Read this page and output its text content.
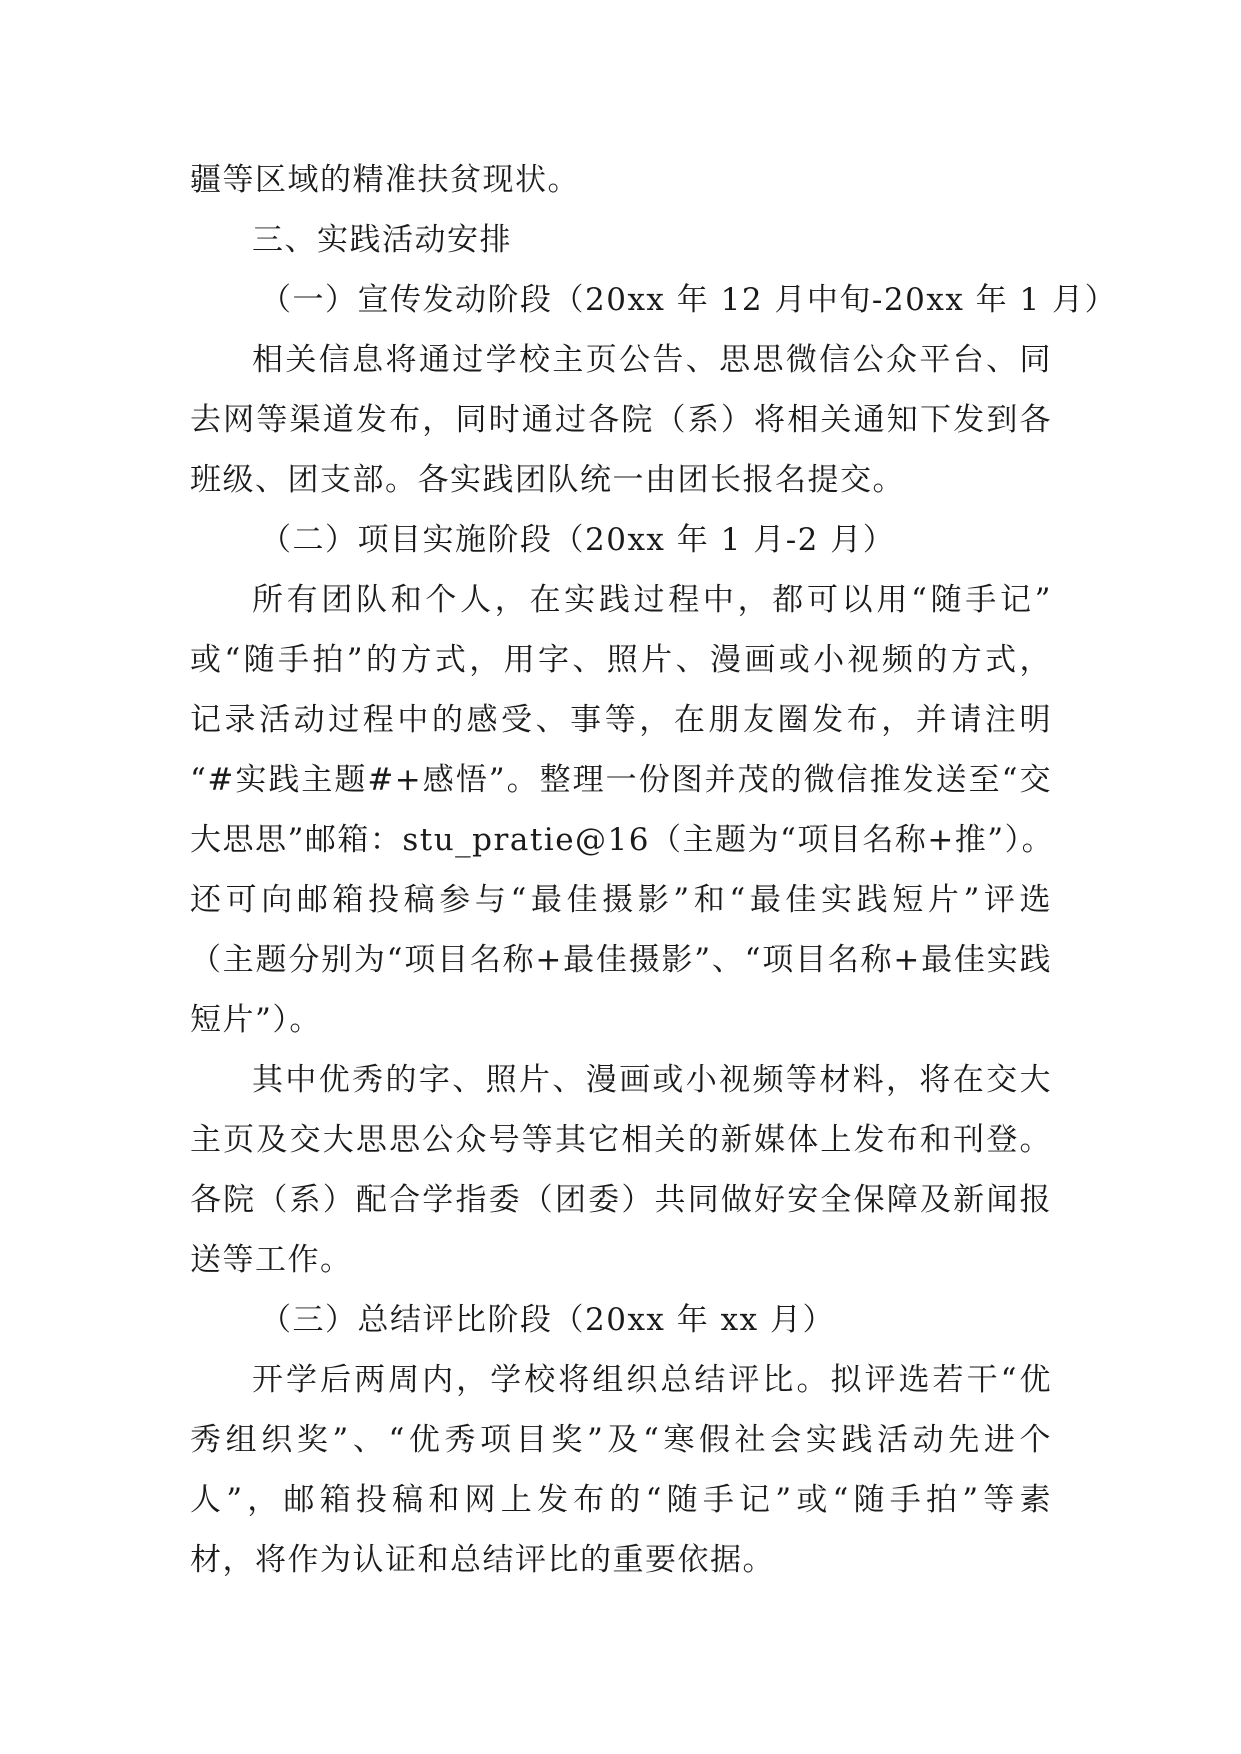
疆等区域的精准扶贫现状。
三、实践活动安排
（一）宣传发动阶段（20xx 年 12 月中旬-20xx 年 1 月）
相关信息将通过学校主页公告、思思微信公众平台、同
去网等渠道发布，同时通过各院（系）将相关通知下发到各
班级、团支部。各实践团队统一由团长报名提交。
（二）项目实施阶段（20xx 年 1 月-2 月）
所有团队和个人，在实践过程中，都可以用“随手记”
或“随手拍”的方式，用字、照片、漫画或小视频的方式，
记录活动过程中的感受、事等，在朋友圈发布，并请注明
“#实践主题#+感悟”。整理一份图并茂的微信推发送至“交
大思思”邮箱：stu_pratie@16（主题为“项目名称+推”）。
还可向邮箱投稿参与“最佳摄影”和“最佳实践短片”评选
（主题分别为“项目名称+最佳摄影”、“项目名称+最佳实践
短片”）。
其中优秀的字、照片、漫画或小视频等材料，将在交大
主页及交大思思公众号等其它相关的新媒体上发布和刊登。
各院（系）配合学指委（团委）共同做好安全保障及新闻报
送等工作。
（三）总结评比阶段（20xx 年 xx 月）
开学后两周内，学校将组织总结评比。拟评选若干“优
秀组织奖”、“优秀项目奖”及“寒假社会实践活动先进个
人”，邮箱投稿和网上发布的“随手记”或“随手拍”等素
材，将作为认证和总结评比的重要依据。
